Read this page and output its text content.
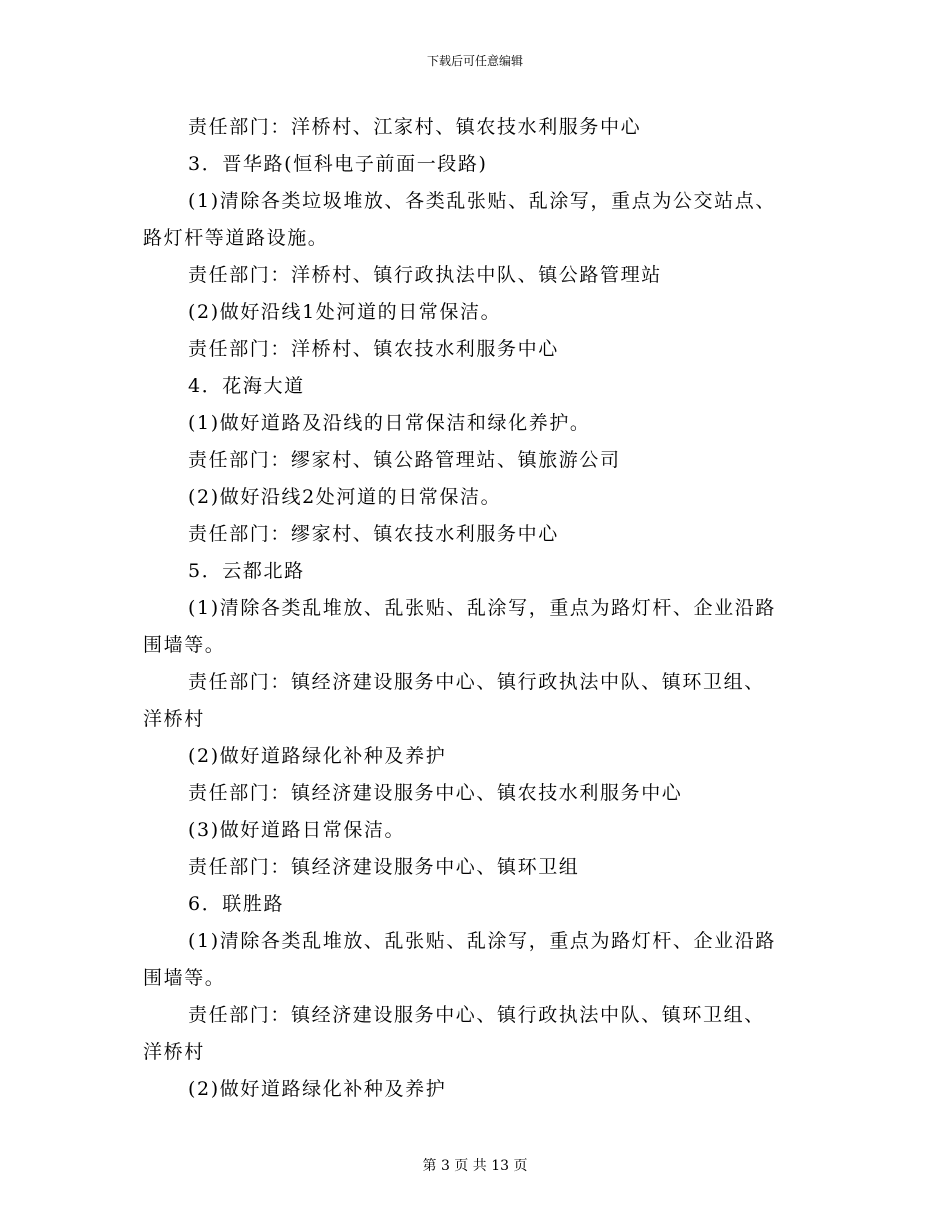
下载后可任意编辑
责任部门：洋桥村、江家村、镇农技水利服务中心
3．晋华路(恒科电子前面一段路)
(1)清除各类垃圾堆放、各类乱张贴、乱涂写，重点为公交站点、
路灯杆等道路设施。
责任部门：洋桥村、镇行政执法中队、镇公路管理站
(2)做好沿线1处河道的日常保洁。
责任部门：洋桥村、镇农技水利服务中心
4．花海大道
(1)做好道路及沿线的日常保洁和绿化养护。
责任部门：缪家村、镇公路管理站、镇旅游公司
(2)做好沿线2处河道的日常保洁。
责任部门：缪家村、镇农技水利服务中心
5．云都北路
(1)清除各类乱堆放、乱张贴、乱涂写，重点为路灯杆、企业沿路
围墙等。
责任部门：镇经济建设服务中心、镇行政执法中队、镇环卫组、
洋桥村
(2)做好道路绿化补种及养护
责任部门：镇经济建设服务中心、镇农技水利服务中心
(3)做好道路日常保洁。
责任部门：镇经济建设服务中心、镇环卫组
6．联胜路
(1)清除各类乱堆放、乱张贴、乱涂写，重点为路灯杆、企业沿路
围墙等。
责任部门：镇经济建设服务中心、镇行政执法中队、镇环卫组、
洋桥村
(2)做好道路绿化补种及养护
第 3 页 共 13 页
